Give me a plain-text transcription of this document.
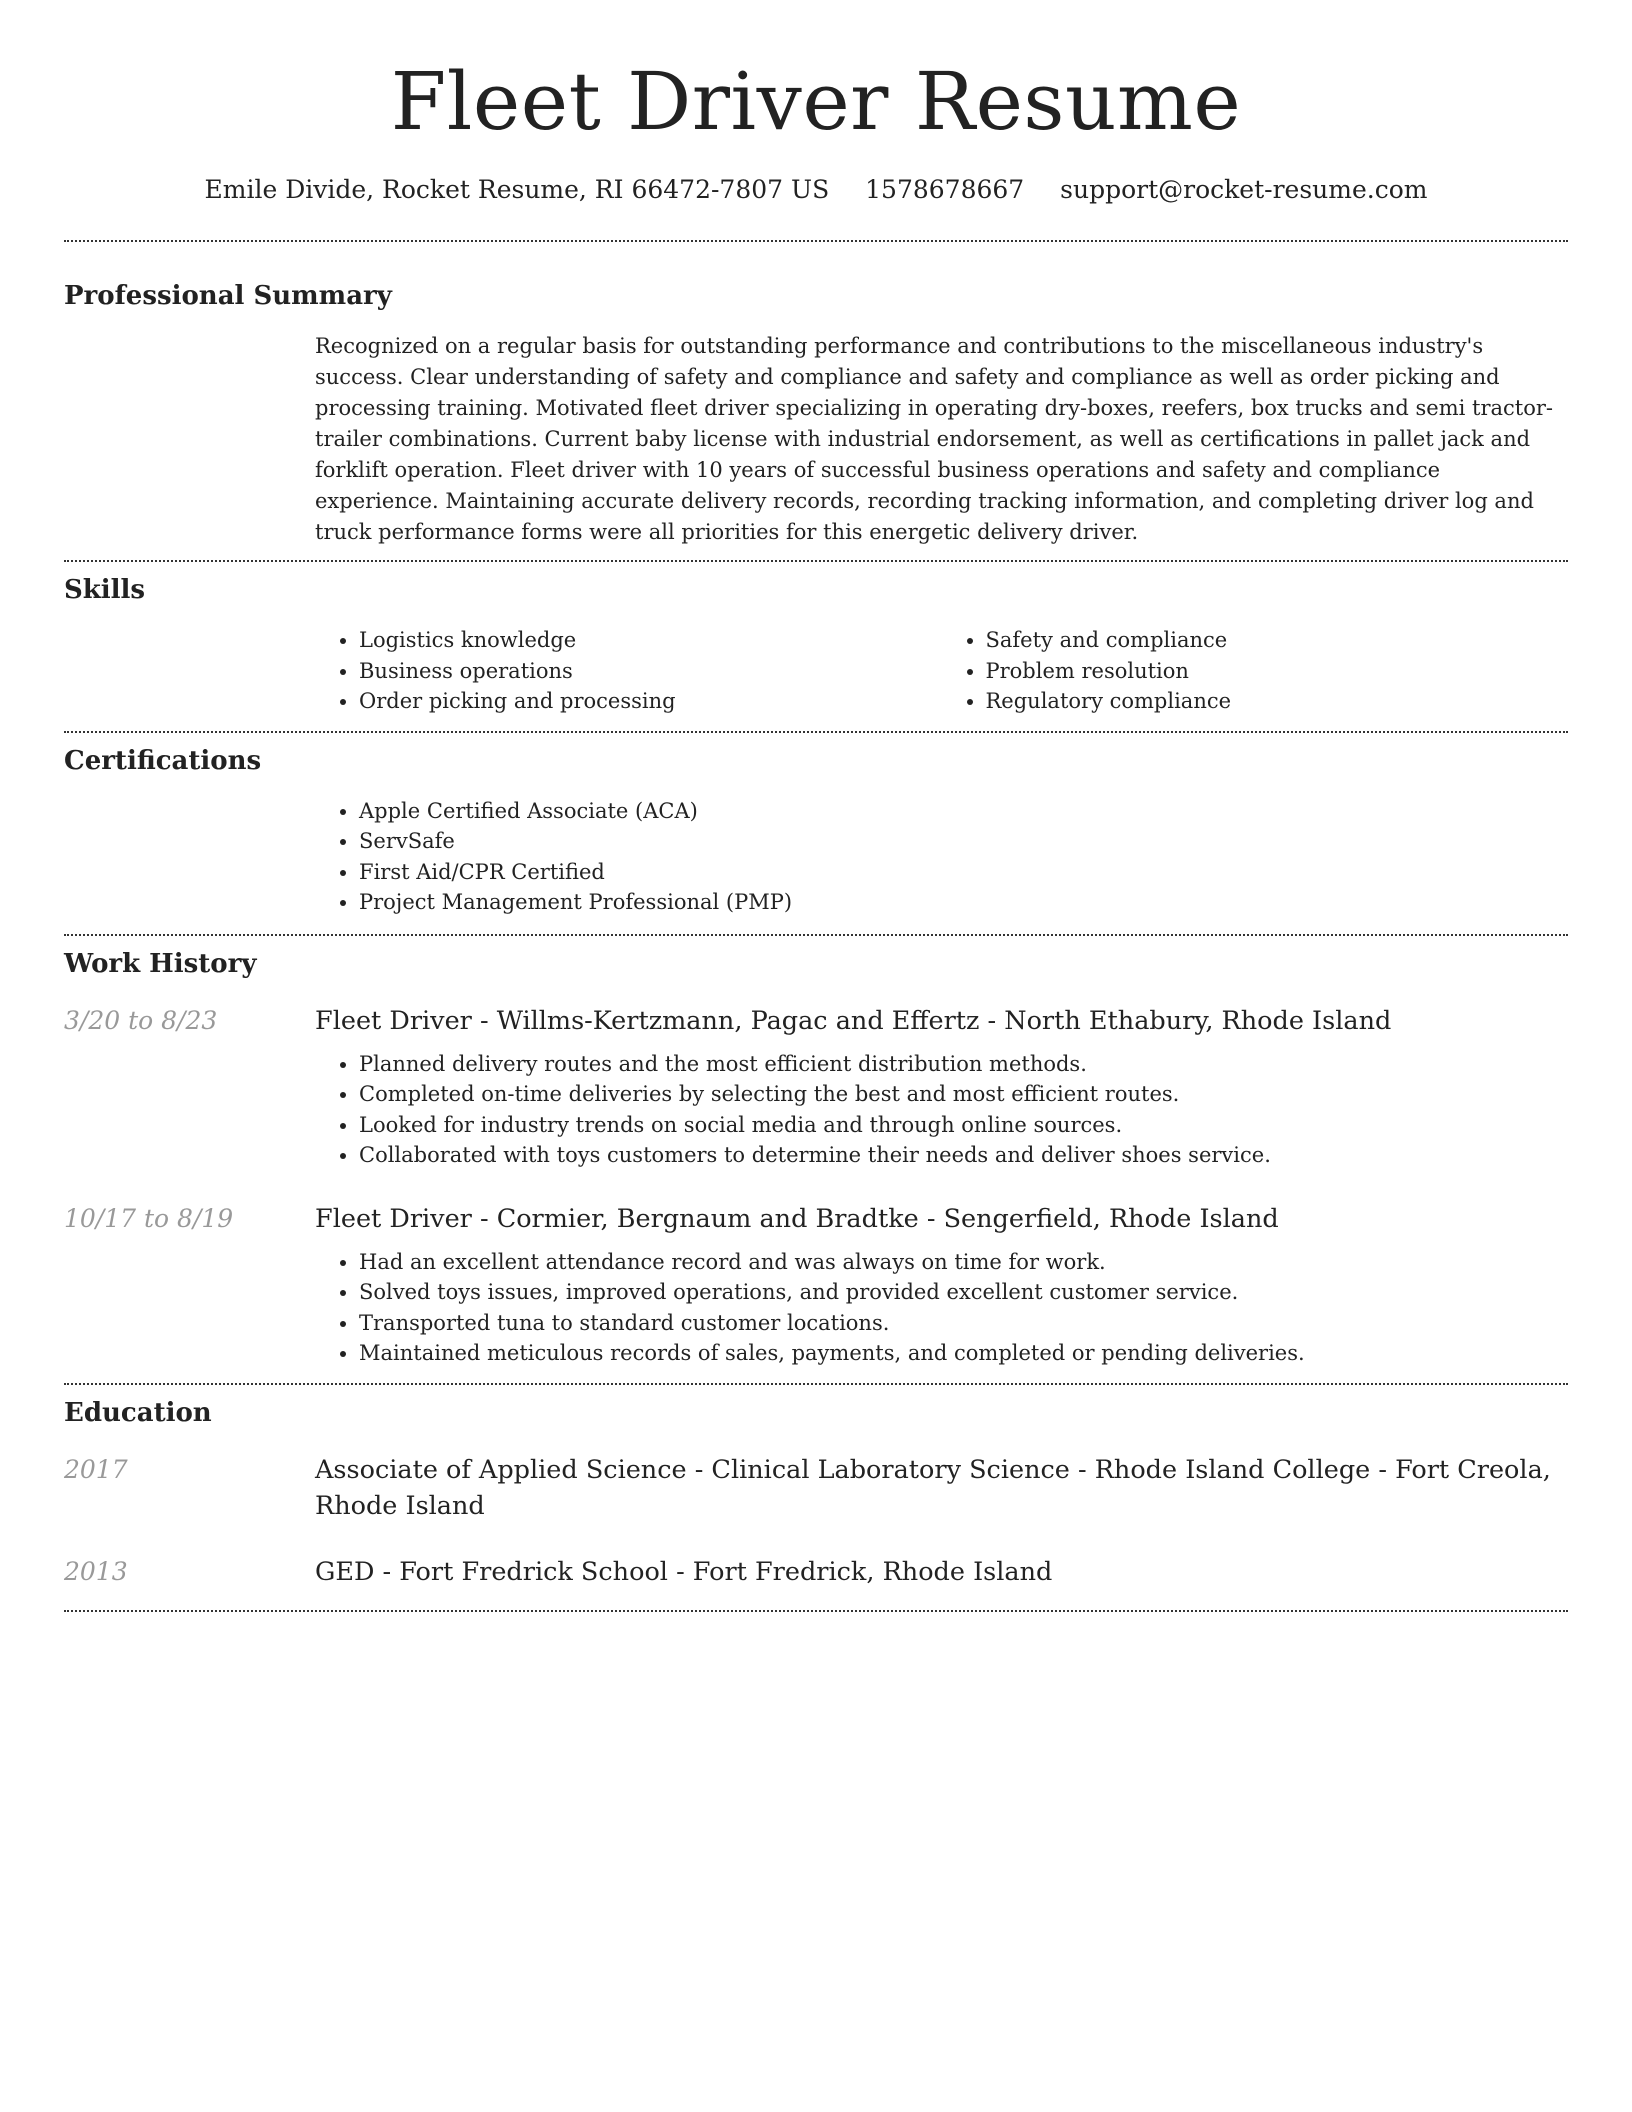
Fleet Driver Resume
Emile Divide, Rocket Resume, RI 66472-7807 US 1578678667 support@rocket-resume.com
Professional Summary

Recognized on a regular basis for outstanding performance and contributions to the miscellaneous industry's success. Clear understanding of safety and compliance and safety and compliance as well as order picking and processing training. Motivated fleet driver specializing in operating dry-boxes, reefers, box trucks and semi tractor-trailer combinations. Current baby license with industrial endorsement, as well as certifications in pallet jack and forklift operation. Fleet driver with 10 years of successful business operations and safety and compliance experience. Maintaining accurate delivery records, recording tracking information, and completing driver log and truck performance forms were all priorities for this energetic delivery driver.

Skills
• Logistics knowledge
• Business operations
• Order picking and processing
• Safety and compliance
• Problem resolution
• Regulatory compliance
Certifications
• Apple Certified Associate (ACA)
• ServSafe
• First Aid/CPR Certified
• Project Management Professional (PMP)
Work History
3/20 to 8/23	Fleet Driver - Willms-Kertzmann, Pagac and Effertz - North Ethabury, Rhode Island
• Planned delivery routes and the most efficient distribution methods.
• Completed on-time deliveries by selecting the best and most efficient routes.
• Looked for industry trends on social media and through online sources.
• Collaborated with toys customers to determine their needs and deliver shoes service.
10/17 to 8/19	Fleet Driver - Cormier, Bergnaum and Bradtke - Sengerfield, Rhode Island
• Had an excellent attendance record and was always on time for work.
• Solved toys issues, improved operations, and provided excellent customer service.
• Transported tuna to standard customer locations.
• Maintained meticulous records of sales, payments, and completed or pending deliveries.
Education
2017	Associate of Applied Science - Clinical Laboratory Science - Rhode Island College - Fort Creola, Rhode Island
2013	GED - Fort Fredrick School - Fort Fredrick, Rhode Island
